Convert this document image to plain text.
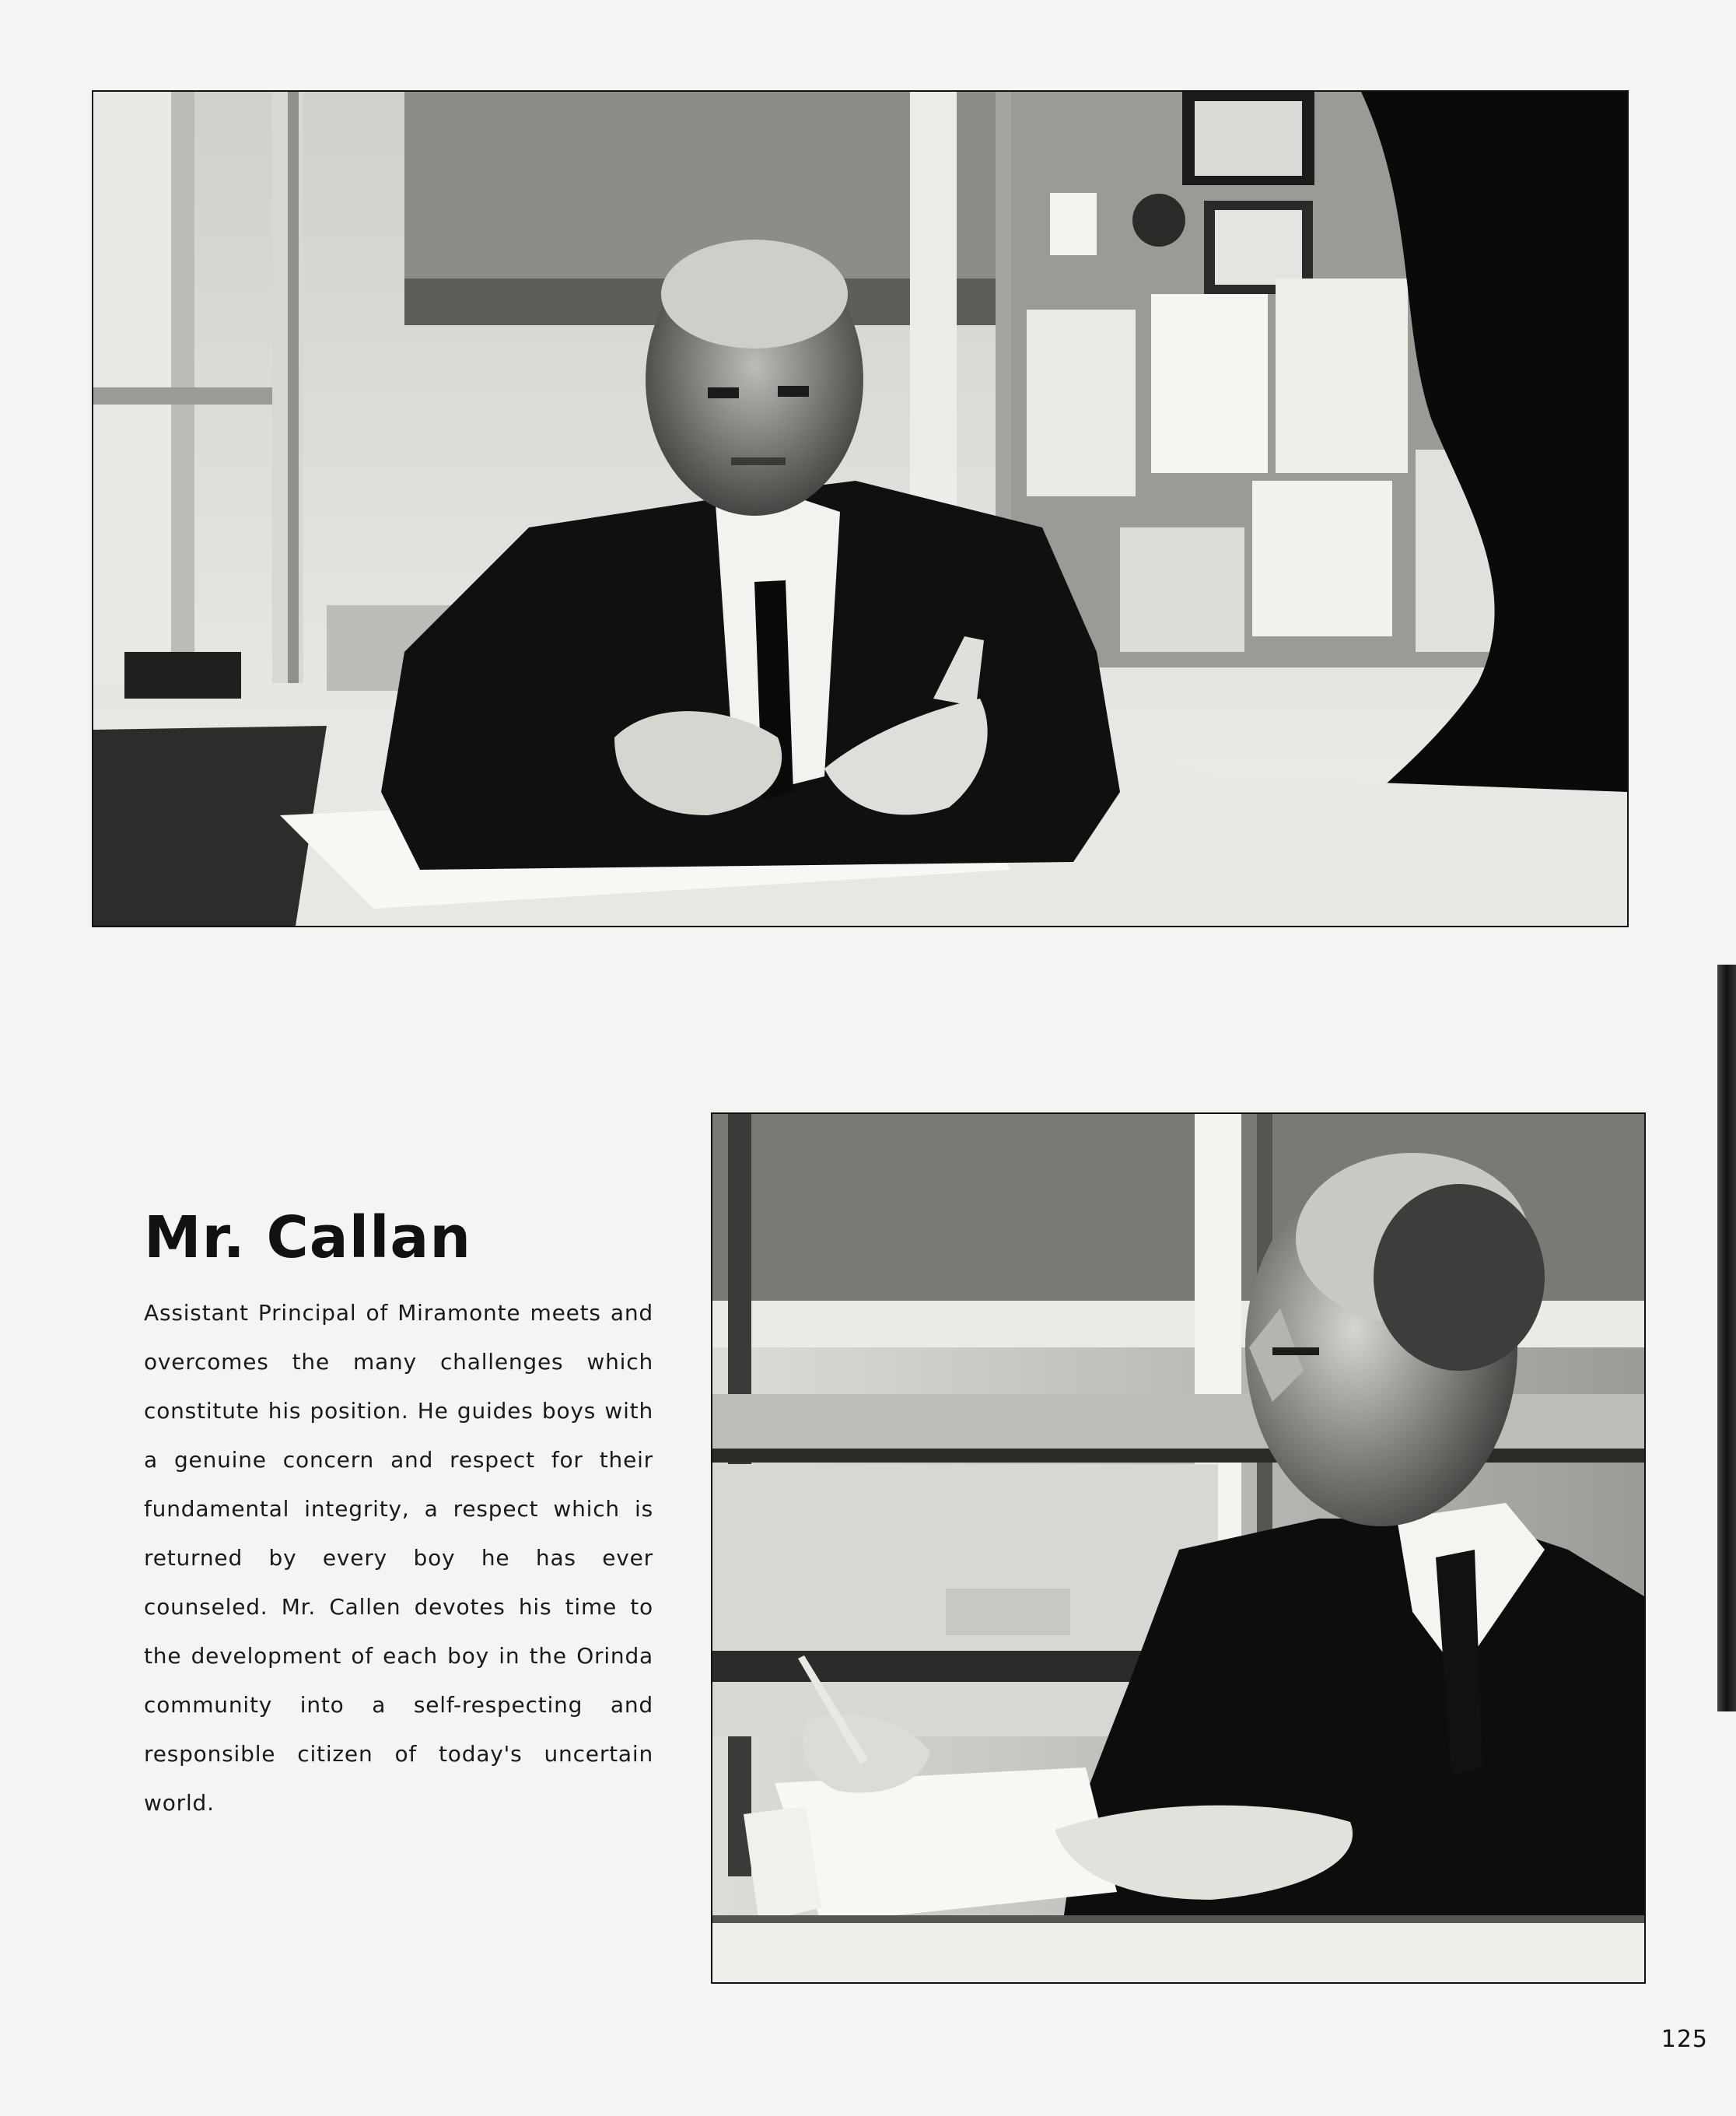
Mr. Callan

Assistant Principal of Miramonte meets and overcomes the many challenges which constitute his position. He guides boys with a genuine concern and respect for their fundamental integrity, a respect which is returned by every boy he has ever counseled. Mr. Callen devotes his time to the development of each boy in the Orinda community into a self-respecting and responsible citizen of today's uncertain world.

125
